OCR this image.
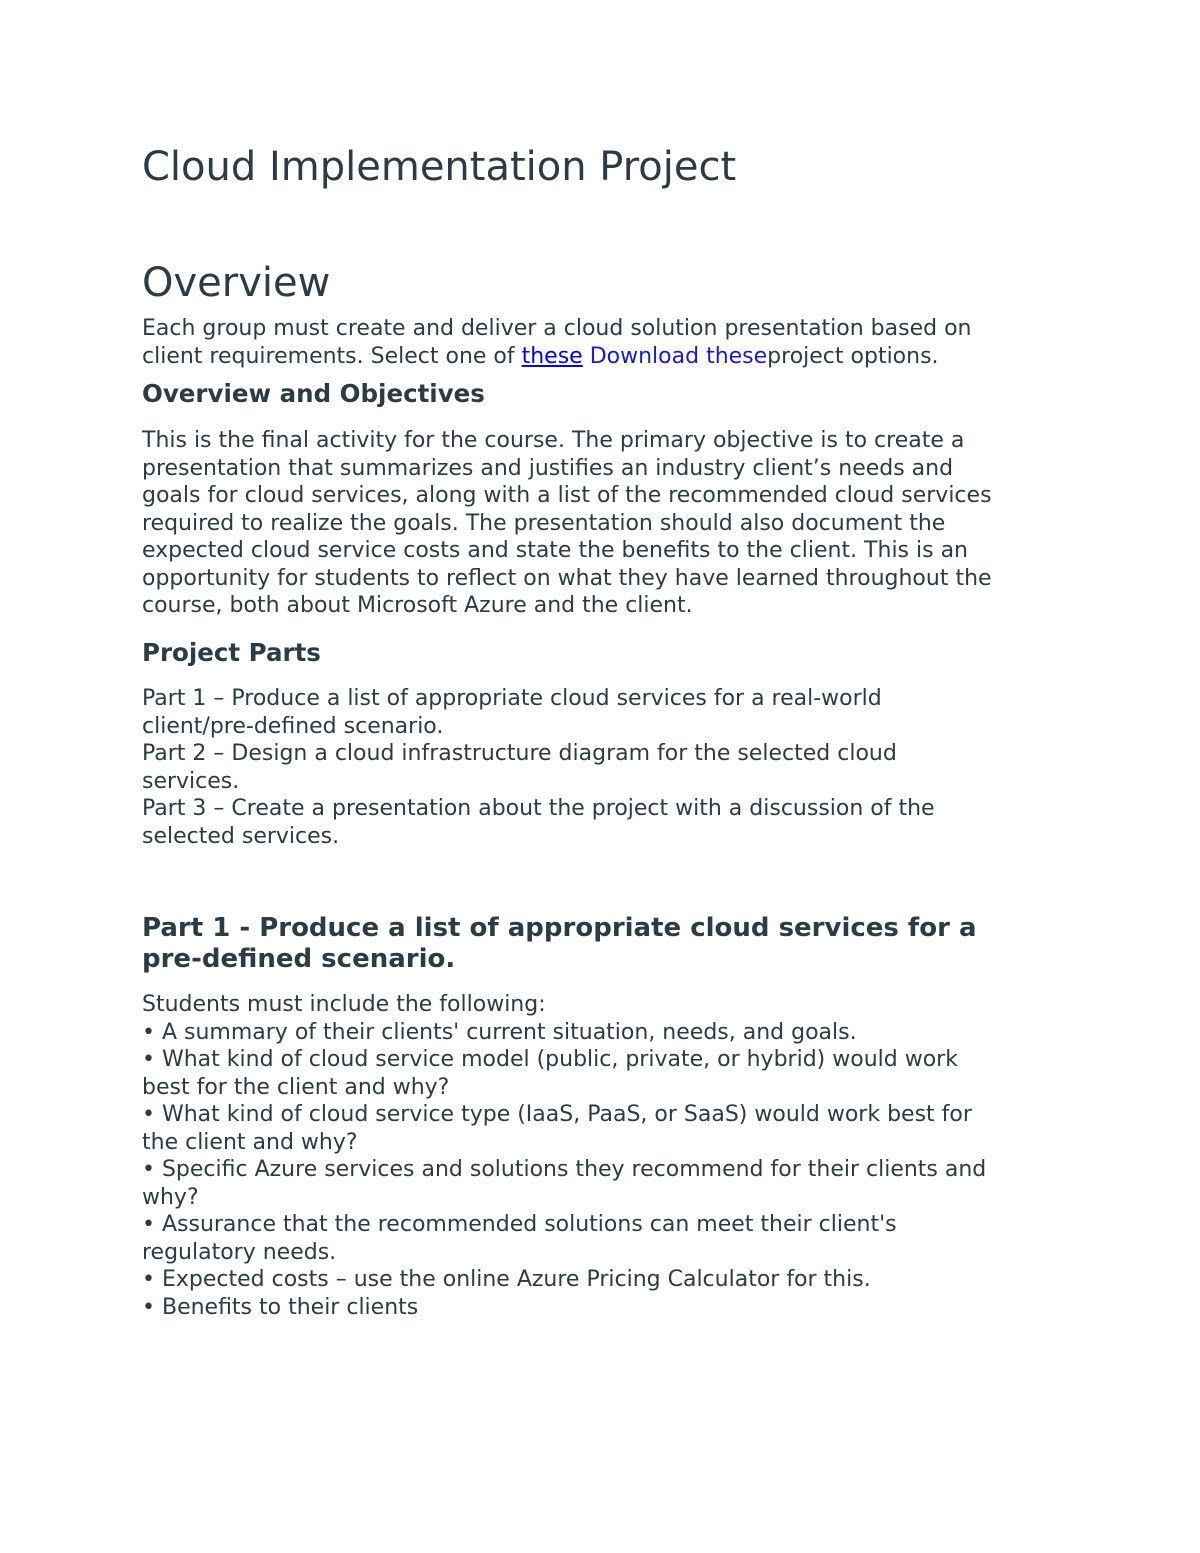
Cloud Implementation Project
Overview

Each group must create and deliver a cloud solution presentation based on
client requirements. Select one of these Download theseproject options.

Overview and Objectives

This is the final activity for the course. The primary objective is to create a
presentation that summarizes and justifies an industry client’s needs and
goals for cloud services, along with a list of the recommended cloud services
required to realize the goals. The presentation should also document the
expected cloud service costs and state the benefits to the client. This is an
opportunity for students to reflect on what they have learned throughout the
course, both about Microsoft Azure and the client.

Project Parts

Part 1 – Produce a list of appropriate cloud services for a real-world
client/pre-defined scenario.
Part 2 – Design a cloud infrastructure diagram for the selected cloud
services.
Part 3 – Create a presentation about the project with a discussion of the
selected services.

Part 1 - Produce a list of appropriate cloud services for a
pre-defined scenario.

Students must include the following:
• A summary of their clients' current situation, needs, and goals.
• What kind of cloud service model (public, private, or hybrid) would work
best for the client and why?
• What kind of cloud service type (IaaS, PaaS, or SaaS) would work best for
the client and why?
• Specific Azure services and solutions they recommend for their clients and
why?
• Assurance that the recommended solutions can meet their client's
regulatory needs.
• Expected costs – use the online Azure Pricing Calculator for this.
• Benefits to their clients
